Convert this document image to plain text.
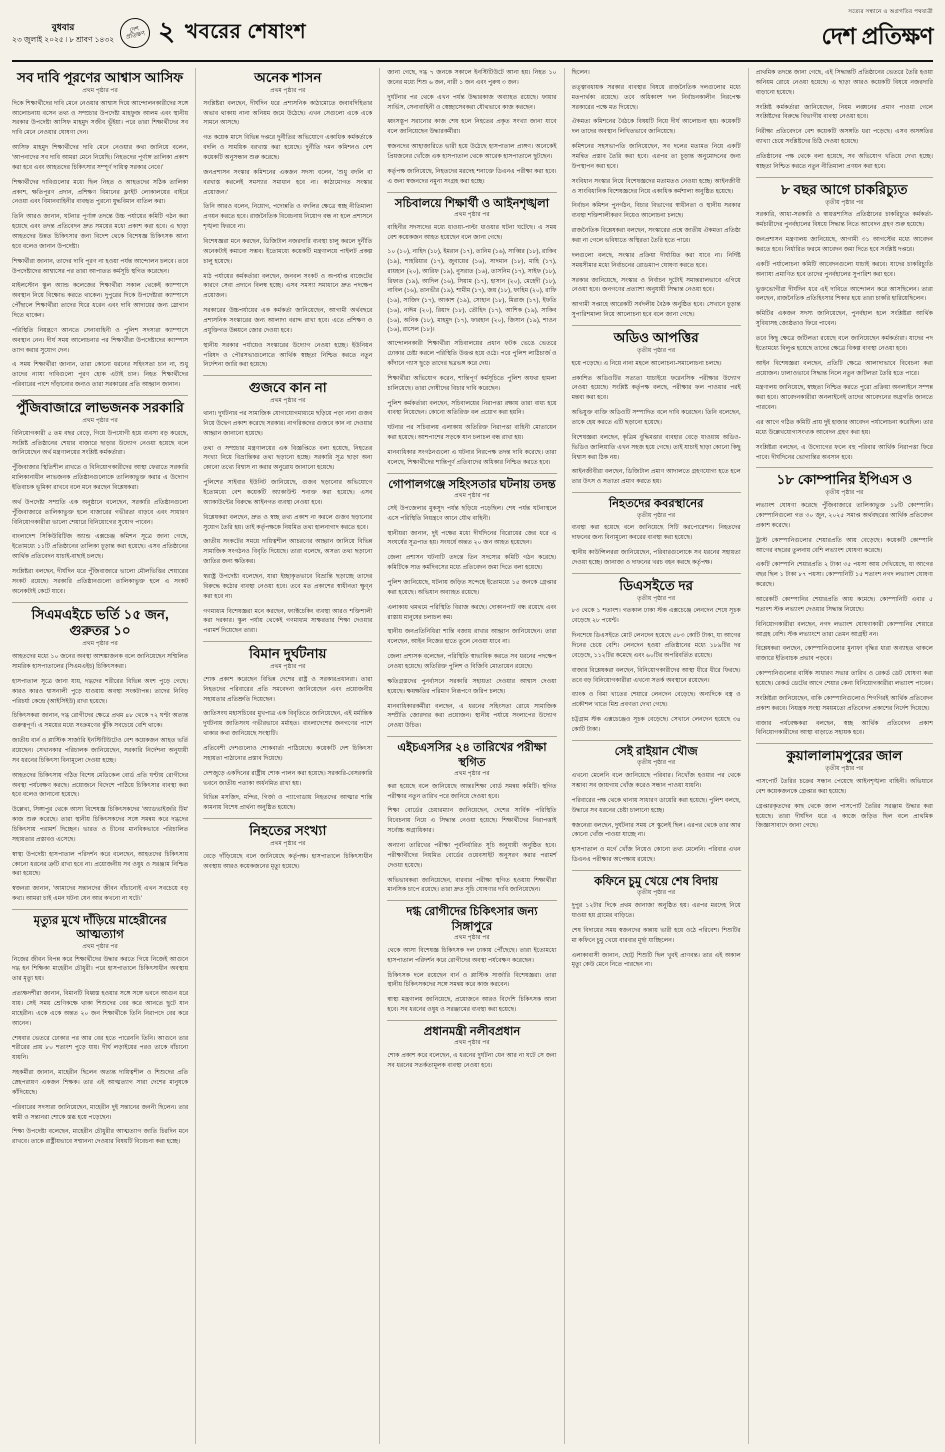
বুধবার
২৩ জুলাই ২০২৫ ৷ ৮ শ্রাবণ ১৪৩২
দেশ প্রতিক্ষণ ২ খবরের শেষাংশ
সত্যের সন্ধানে ও অগ্রগতির পথযাত্রী
দেশ প্রতিক্ষণ
সব দাবি পূরণের আশ্বাস আসিফ
প্রথম পৃষ্ঠার পর
দিকে শিক্ষার্থীদের দাবি মেনে নেওয়ার আশ্বাস দিয়ে আন্দোলনকারীদের সঙ্গে আলোচনায় বসেন তথ্য ও সম্প্রচার উপদেষ্টা মাহফুজ আলম এবং স্থানীয় সরকার উপদেষ্টা আসিফ মাহমুদ সজীব ভূঁইয়া। পরে তারা শিক্ষার্থীদের সব দাবি মেনে নেওয়ার ঘোষণা দেন।
আসিফ মাহমুদ শিক্ষার্থীদের দাবি মেনে নেওয়ার কথা জানিয়ে বলেন, 'আপনাদের সব দাবি আমরা মেনে নিয়েছি। নিহতদের পূর্ণাঙ্গ তালিকা প্রকাশ করা হবে এবং আহতদের চিকিৎসার সম্পূর্ণ দায়িত্ব সরকার নেবে।'
শিক্ষার্থীদের দাবিগুলোর মধ্যে ছিল নিহত ও আহতদের সঠিক তালিকা প্রকাশ, ক্ষতিপূরণ প্রদান, প্রশিক্ষণ বিমানের ফ্লাইট লোকালয়ের বাইরে নেওয়া এবং বিমানবাহিনীর ব্যবহৃত পুরনো যুদ্ধবিমান বাতিল করা।
তিনি আরও জানান, ঘটনার পূর্ণাঙ্গ তদন্তে উচ্চ পর্যায়ের কমিটি গঠন করা হয়েছে এবং তদন্ত প্রতিবেদন দ্রুত সময়ের মধ্যে প্রকাশ করা হবে। এ ছাড়া আহতদের উন্নত চিকিৎসার জন্য বিদেশ থেকে বিশেষজ্ঞ চিকিৎসক আনা হবে বলেও জানান উপদেষ্টা।
শিক্ষার্থীরা জানান, তাদের দাবি পূরণ না হওয়া পর্যন্ত আন্দোলন চলবে। তবে উপদেষ্টাদের আশ্বাসের পর তারা আপাতত কর্মসূচি স্থগিত করেছেন।
মাইলস্টোন স্কুল অ্যান্ড কলেজের শিক্ষার্থীরা সকাল থেকেই ক্যাম্পাসে অবস্থান নিয়ে বিক্ষোভ করতে থাকেন। দুপুরের দিকে উপদেষ্টারা ক্যাম্পাসে পৌঁছালে শিক্ষার্থীরা তাদের ঘিরে ধরেন এবং দাবি আদায়ের জন্য স্লোগান দিতে থাকেন।
পরিস্থিতি নিয়ন্ত্রণে আনতে সেনাবাহিনী ও পুলিশ সদস্যরা ক্যাম্পাসে অবস্থান নেন। দীর্ঘ সময় আলোচনার পর শিক্ষার্থীরা উপদেষ্টাদের ক্যাম্পাস ত্যাগ করার সুযোগ দেন।
এ সময় শিক্ষার্থীরা জানান, তারা কোনো ধরনের সহিংসতা চান না, শুধু তাদের ন্যায্য দাবিগুলো পূরণ হোক এটাই চান। নিহত শিক্ষার্থীদের পরিবারের পাশে দাঁড়ানোর জন্যও তারা সরকারের প্রতি আহ্বান জানান।
পুঁজিবাজারে লাভজনক সরকারি
প্রথম পৃষ্ঠার পর
বিনিয়োগকারী ৫ তম বছর বেড়ে, গিয়ে উপযোগী হয়ে ব্যবসা বড় করেছে, সংশ্লিষ্ট প্রতিষ্ঠানের শেয়ার বাজারে ছাড়ার উদ্যোগ নেওয়া হয়েছে বলে জানিয়েছেন অর্থ মন্ত্রণালয়ের সংশ্লিষ্ট কর্মকর্তারা।
পুঁজিবাজার স্থিতিশীল রাখতে ও বিনিয়োগকারীদের আস্থা ফেরাতে সরকারি মালিকানাধীন লাভজনক প্রতিষ্ঠানগুলোকে তালিকাভুক্ত করার এ উদ্যোগ ইতিবাচক ভূমিকা রাখবে বলে মনে করছেন বিশ্লেষকরা।
অর্থ উপদেষ্টা সম্প্রতি এক অনুষ্ঠানে বলেছেন, সরকারি প্রতিষ্ঠানগুলো পুঁজিবাজারে তালিকাভুক্ত হলে বাজারের গভীরতা বাড়বে এবং সাধারণ বিনিয়োগকারীরা ভালো শেয়ারে বিনিয়োগের সুযোগ পাবেন।
বাংলাদেশ সিকিউরিটিজ অ্যান্ড এক্সচেঞ্জ কমিশন সূত্রে জানা গেছে, ইতোমধ্যে ১১টি প্রতিষ্ঠানের তালিকা চূড়ান্ত করা হয়েছে। এসব প্রতিষ্ঠানের আর্থিক প্রতিবেদন যাচাই-বাছাই চলছে।
সংশ্লিষ্টরা বলছেন, দীর্ঘদিন ধরে পুঁজিবাজারে ভালো মৌলভিত্তির শেয়ারের সংকট রয়েছে। সরকারি প্রতিষ্ঠানগুলো তালিকাভুক্ত হলে এ সংকট অনেকটাই কেটে যাবে।
সিএমএইচে ভর্তি ১৫ জন, গুরুতর ১০
প্রথম পৃষ্ঠার পর
আহতদের মধ্যে ১০ জনের অবস্থা আশঙ্কাজনক বলে জানিয়েছেন সম্মিলিত সামরিক হাসপাতালের (সিএমএইচ) চিকিৎসকরা।
হাসপাতাল সূত্রে জানা যায়, দগ্ধদের শরীরের বিভিন্ন অংশ পুড়ে গেছে। কারও কারও শ্বাসনালী পুড়ে যাওয়ায় অবস্থা সংকটাপন্ন। তাদের নিবিড় পরিচর্যা কেন্দ্রে (আইসিইউ) রাখা হয়েছে।
চিকিৎসকরা জানান, দগ্ধ রোগীদের ক্ষেত্রে প্রথম ৪৮ থেকে ৭২ ঘণ্টা অত্যন্ত গুরুত্বপূর্ণ। এ সময়ের মধ্যে সংক্রমণের ঝুঁকি সবচেয়ে বেশি থাকে।
জাতীয় বার্ন ও প্লাস্টিক সার্জারি ইনস্টিটিউটেও বেশ কয়েকজন আহত ভর্তি রয়েছেন। সেখানকার পরিচালক জানিয়েছেন, সরকারি নির্দেশনা অনুযায়ী সব ধরনের চিকিৎসা বিনামূল্যে দেওয়া হচ্ছে।
আহতদের চিকিৎসায় গঠিত বিশেষ মেডিকেল বোর্ড প্রতি ঘণ্টায় রোগীদের অবস্থা পর্যবেক্ষণ করছে। প্রয়োজনে বিদেশে পাঠিয়ে চিকিৎসার ব্যবস্থা করা হবে বলেও জানানো হয়েছে।
উল্লেখ্য, সিঙ্গাপুর থেকে আসা বিশেষজ্ঞ চিকিৎসকদের 'অ্যাডভাইজরি টিম' কাজ শুরু করেছে। তারা স্থানীয় চিকিৎসকদের সঙ্গে সমন্বয় করে দগ্ধদের চিকিৎসায় পরামর্শ দিচ্ছেন। ভারত ও চীনের মানবিকভাবে পরিচালিত সহায়তার প্রস্তাবও এসেছে।
স্বাস্থ্য উপদেষ্টা হাসপাতাল পরিদর্শন করে বলেছেন, আহতদের চিকিৎসায় কোনো ধরনের ত্রুটি রাখা হবে না। প্রয়োজনীয় সব ওষুধ ও সরঞ্জাম নিশ্চিত করা হয়েছে।
স্বজনরা জানান, 'আমাদের সন্তানদের জীবন বাঁচানোই এখন সবচেয়ে বড় কথা। আমরা চাই এমন ঘটনা যেন আর কখনো না ঘটে।'
মৃত্যুর মুখে দাঁড়িয়ে মাহেরীনের আত্মত্যাগ
প্রথম পৃষ্ঠার পর
নিজের জীবন বিপন্ন করে শিক্ষার্থীদের উদ্ধার করতে গিয়ে নিজেই আগুনে দগ্ধ হন শিক্ষিকা মাহেরীন চৌধুরী। পরে হাসপাতালে চিকিৎসাধীন অবস্থায় তার মৃত্যু হয়।
প্রত্যক্ষদর্শীরা জানান, বিমানটি বিধ্বস্ত হওয়ার সঙ্গে সঙ্গে ভবনে আগুন ধরে যায়। সেই সময় শ্রেণিকক্ষে থাকা শিশুদের বের করে আনতে ছুটে যান মাহেরীন। একে একে অন্তত ২০ জন শিক্ষার্থীকে তিনি নিরাপদে বের করে আনেন।
শেষবার ভেতরে ঢোকার পর আর বের হতে পারেননি তিনি। আগুনে তার শরীরের প্রায় ৮০ শতাংশ পুড়ে যায়। দীর্ঘ লড়াইয়ের পরও তাকে বাঁচানো যায়নি।
সহকর্মীরা জানান, মাহেরীন ছিলেন অত্যন্ত দায়িত্বশীল ও শিশুদের প্রতি স্নেহপরায়ণ একজন শিক্ষক। তার এই আত্মত্যাগ সারা দেশের মানুষকে কাঁদিয়েছে।
পরিবারের সদস্যরা জানিয়েছেন, মাহেরীন দুই সন্তানের জননী ছিলেন। তার স্বামী ও সন্তানরা শোকে স্তব্ধ হয়ে পড়েছেন।
শিক্ষা উপদেষ্টা বলেছেন, মাহেরীন চৌধুরীর আত্মত্যাগ জাতি চিরদিন মনে রাখবে। তাকে রাষ্ট্রীয়ভাবে সম্মাননা দেওয়ার বিষয়টি বিবেচনা করা হচ্ছে।
অনেক শাসন
প্রথম পৃষ্ঠার পর
সংশ্লিষ্টরা বলছেন, দীর্ঘদিন ধরে প্রশাসনিক কাঠামোতে জবাবদিহিতার অভাব থাকায় নানা অনিয়ম জমে উঠেছে। এখন সেগুলো একে একে সামনে আসছে।
গত কয়েক মাসে বিভিন্ন দপ্তরে দুর্নীতির অভিযোগে একাধিক কর্মকর্তাকে বদলি ও সাময়িক বরখাস্ত করা হয়েছে। দুর্নীতি দমন কমিশনও বেশ কয়েকটি অনুসন্ধান শুরু করেছে।
জনপ্রশাসন সংস্কার কমিশনের একজন সদস্য বলেন, 'শুধু বদলি বা বরখাস্ত করলেই সমস্যার সমাধান হবে না। কাঠামোগত সংস্কার প্রয়োজন।'
তিনি আরও বলেন, নিয়োগ, পদোন্নতি ও বদলির ক্ষেত্রে স্বচ্ছ নীতিমালা প্রণয়ন করতে হবে। রাজনৈতিক বিবেচনায় নিয়োগ বন্ধ না হলে প্রশাসনে শৃঙ্খলা ফিরবে না।
বিশেষজ্ঞরা মনে করছেন, ডিজিটাল নজরদারি ব্যবস্থা চালু করলে দুর্নীতি অনেকটাই কমানো সম্ভব। ইতোমধ্যে কয়েকটি মন্ত্রণালয়ে পাইলট প্রকল্প চালু হয়েছে।
মাঠ পর্যায়ের কর্মকর্তারা বলছেন, জনবল সংকট ও অপর্যাপ্ত বাজেটের কারণে সেবা প্রদানে বিলম্ব হচ্ছে। এসব সমস্যা সমাধানে দ্রুত পদক্ষেপ প্রয়োজন।
সরকারের উচ্চপর্যায়ের এক কর্মকর্তা জানিয়েছেন, আগামী অর্থবছরে প্রশাসনিক সংস্কারের জন্য আলাদা বরাদ্দ রাখা হবে। এতে প্রশিক্ষণ ও প্রযুক্তিগত উন্নয়নে জোর দেওয়া হবে।
স্থানীয় সরকার পর্যায়েও সংস্কারের উদ্যোগ নেওয়া হচ্ছে। ইউনিয়ন পরিষদ ও পৌরসভাগুলোতে আর্থিক স্বচ্ছতা নিশ্চিত করতে নতুন নির্দেশনা জারি করা হয়েছে।
গুজবে কান না
প্রথম পৃষ্ঠার পর
থানা। দুর্ঘটনার পর সামাজিক যোগাযোগমাধ্যমে ছড়িয়ে পড়া নানা গুজব নিয়ে উদ্বেগ প্রকাশ করেছে সরকার। নাগরিকদের গুজবে কান না দেওয়ার আহ্বান জানানো হয়েছে।
তথ্য ও সম্প্রচার মন্ত্রণালয়ের এক বিজ্ঞপ্তিতে বলা হয়েছে, নিহতের সংখ্যা নিয়ে বিভ্রান্তিকর তথ্য ছড়ানো হচ্ছে। সরকারি সূত্র ছাড়া অন্য কোনো তথ্যে বিশ্বাস না করার অনুরোধ জানানো হয়েছে।
পুলিশের সাইবার ইউনিট জানিয়েছে, গুজব ছড়ানোর অভিযোগে ইতোমধ্যে বেশ কয়েকটি অ্যাকাউন্ট শনাক্ত করা হয়েছে। এসব অ্যাকাউন্টের বিরুদ্ধে আইনগত ব্যবস্থা নেওয়া হবে।
বিশ্লেষকরা বলছেন, দ্রুত ও স্বচ্ছ তথ্য প্রকাশ না করলে গুজব ছড়ানোর সুযোগ তৈরি হয়। তাই কর্তৃপক্ষকে নিয়মিত তথ্য হালনাগাদ করতে হবে।
জাতীয় সংকটের সময়ে দায়িত্বশীল আচরণের আহ্বান জানিয়ে বিভিন্ন সামাজিক সংগঠনও বিবৃতি দিয়েছে। তারা বলেছে, অসত্য তথ্য ছড়ানো জাতির জন্য ক্ষতিকর।
স্বরাষ্ট্র উপদেষ্টা বলেছেন, যারা ইচ্ছাকৃতভাবে বিভ্রান্তি ছড়াচ্ছে তাদের বিরুদ্ধে কঠোর ব্যবস্থা নেওয়া হবে। তবে মত প্রকাশের স্বাধীনতা ক্ষুণ্ন করা হবে না।
গণমাধ্যম বিশেষজ্ঞরা মনে করছেন, ফ্যাক্টচেকিং ব্যবস্থা আরও শক্তিশালী করা দরকার। স্কুল পর্যায় থেকেই গণমাধ্যম সাক্ষরতার শিক্ষা দেওয়ার পরামর্শ দিয়েছেন তারা।
বিমান দুর্ঘটনায়
প্রথম পৃষ্ঠার পর
শোক প্রকাশ করেছেন বিভিন্ন দেশের রাষ্ট্র ও সরকারপ্রধানরা। তারা নিহতদের পরিবারের প্রতি সমবেদনা জানিয়েছেন এবং প্রয়োজনীয় সহায়তার প্রতিশ্রুতি দিয়েছেন।
জাতিসংঘ মহাসচিবের মুখপাত্র এক বিবৃতিতে জানিয়েছেন, এই মর্মান্তিক দুর্ঘটনায় জাতিসংঘ গভীরভাবে মর্মাহত। বাংলাদেশের জনগণের পাশে থাকার কথা জানিয়েছে সংস্থাটি।
প্রতিবেশী দেশগুলোও শোকবার্তা পাঠিয়েছে। কয়েকটি দেশ চিকিৎসা সহায়তা পাঠানোর প্রস্তাব দিয়েছে।
দেশজুড়ে একদিনের রাষ্ট্রীয় শোক পালন করা হয়েছে। সরকারি-বেসরকারি ভবনে জাতীয় পতাকা অর্ধনমিত রাখা হয়।
বিভিন্ন মসজিদ, মন্দির, গির্জা ও প্যাগোডায় নিহতদের আত্মার শান্তি কামনায় বিশেষ প্রার্থনা অনুষ্ঠিত হয়েছে।
নিহতের সংখ্যা
প্রথম পৃষ্ঠার পর
বেড়ে দাঁড়িয়েছে বলে জানিয়েছে কর্তৃপক্ষ। হাসপাতালে চিকিৎসাধীন অবস্থায় আরও কয়েকজনের মৃত্যু হয়েছে।
জানা গেছে, দগ্ধ ৭ জনকে সকালে ইনস্টিটিউটে আনা হয়। নিহত ১০ জনের মধ্যে শিশু ৬ জন, নারী ১ জন এবং পুরুষ ৩ জন।
দুর্ঘটনার পর থেকে এখন পর্যন্ত উদ্ধারকাজ অব্যাহত রয়েছে। ফায়ার সার্ভিস, সেনাবাহিনী ও স্বেচ্ছাসেবকরা যৌথভাবে কাজ করছেন।
ধ্বংসস্তূপ সরানোর কাজ শেষ হলে নিহতের প্রকৃত সংখ্যা জানা যাবে বলে জানিয়েছেন উদ্ধারকর্মীরা।
স্বজনদের আহাজারিতে ভারী হয়ে উঠেছে হাসপাতাল প্রাঙ্গণ। অনেকেই প্রিয়জনের খোঁজে এক হাসপাতাল থেকে আরেক হাসপাতালে ছুটছেন।
কর্তৃপক্ষ জানিয়েছে, নিহতদের মরদেহ শনাক্তে ডিএনএ পরীক্ষা করা হবে। এ জন্য স্বজনদের নমুনা সংগ্রহ করা হচ্ছে।
সচিবালয়ে শিক্ষার্থী ও আইনশৃঙ্খলা
প্রথম পৃষ্ঠার পর
বাহিনীর সদস্যদের মধ্যে ধাওয়া-পাল্টা ধাওয়ার ঘটনা ঘটেছে। এ সময় বেশ কয়েকজন আহত হয়েছেন বলে জানা গেছে।
১০ (১০), নাহিদ (১৮), ইমরান (১৭), তানিম (১৬), সাব্বির (১৮), রাকিব (১৯), শাহরিয়ার (১৭), জুবায়ের (১৬), সাদমান (১৮), মাহি (১৭), রায়হান (২০), আরিফ (১৯), নুসরাত (১৬), তাসনিম (১৭), সাইফ (১৮), রিফাত (১৯), আদিল (১৬), সিয়াম (১৭), হাসান (২০), মেহেদী (১৮), নাবিল (১৬), তানভীর (১৯), শামীম (১৭), জয় (১৮), ফাহিম (২০), রাফি (১৬), সাজিদ (১৭), আকাশ (১৯), সোহান (১৮), মিরাজ (১৭), ইফতি (১৬), নাঈম (২০), রিয়াদ (১৮), তৌহিদ (১৭), আশিক (১৯), সাকিব (১৬), অনিক (১৮), মাহমুদ (১৭), ফারহান (২০), জিসান (১৯), শাওন (১৬), রাসেল (১৮)।
আন্দোলনকারী শিক্ষার্থীরা সচিবালয়ের প্রধান ফটক ভেঙে ভেতরে ঢোকার চেষ্টা করলে পরিস্থিতি উত্তপ্ত হয়ে ওঠে। পরে পুলিশ লাঠিচার্জ ও কাঁদানে গ্যাস ছুড়ে তাদের ছত্রভঙ্গ করে দেয়।
শিক্ষার্থীরা অভিযোগ করেন, শান্তিপূর্ণ কর্মসূচিতে পুলিশ অযথা হামলা চালিয়েছে। তারা দোষীদের বিচার দাবি করেছেন।
পুলিশ কর্মকর্তারা বলছেন, সচিবালয়ের নিরাপত্তা রক্ষায় তারা বাধ্য হয়ে ব্যবস্থা নিয়েছেন। কোনো অতিরিক্ত বল প্রয়োগ করা হয়নি।
ঘটনার পর সচিবালয় এলাকায় অতিরিক্ত নিরাপত্তা বাহিনী মোতায়েন করা হয়েছে। আশপাশের সড়কে যান চলাচল বন্ধ রাখা হয়।
মানবাধিকার সংগঠনগুলো এ ঘটনার নিরপেক্ষ তদন্ত দাবি করেছে। তারা বলেছে, শিক্ষার্থীদের শান্তিপূর্ণ প্রতিবাদের অধিকার নিশ্চিত করতে হবে।
গোপালগঞ্জে সহিংসতার ঘটনায় তদন্ত
প্রথম পৃষ্ঠার পর
সেই উপজেলার মুকসুদ পর্যন্ত ছড়িয়ে পড়েছিল। শেষ পর্যন্ত ঘটনাস্থলে এসে পরিস্থিতি নিয়ন্ত্রণে আনে যৌথ বাহিনী।
স্থানীয়রা জানান, দুই পক্ষের মধ্যে দীর্ঘদিনের বিরোধের জের ধরে এ সংঘর্ষের সূত্রপাত হয়। সংঘর্ষে অন্তত ২০ জন আহত হয়েছেন।
জেলা প্রশাসন ঘটনাটি তদন্তে তিন সদস্যের কমিটি গঠন করেছে। কমিটিকে সাত কর্মদিবসের মধ্যে প্রতিবেদন জমা দিতে বলা হয়েছে।
পুলিশ জানিয়েছে, ঘটনায় জড়িত সন্দেহে ইতোমধ্যে ১৫ জনকে গ্রেপ্তার করা হয়েছে। অভিযান অব্যাহত রয়েছে।
এলাকায় থমথমে পরিস্থিতি বিরাজ করছে। দোকানপাট বন্ধ রয়েছে এবং রাস্তায় মানুষের চলাচল কম।
স্থানীয় জনপ্রতিনিধিরা শান্তি বজায় রাখার আহ্বান জানিয়েছেন। তারা বলেছেন, আইন নিজের হাতে তুলে নেওয়া যাবে না।
জেলা প্রশাসক বলেছেন, পরিস্থিতি স্বাভাবিক করতে সব ধরনের পদক্ষেপ নেওয়া হয়েছে। অতিরিক্ত পুলিশ ও বিজিবি মোতায়েন রয়েছে।
ক্ষতিগ্রস্তদের পুনর্বাসনে সরকারি সহায়তা দেওয়ার আশ্বাস দেওয়া হয়েছে। ক্ষয়ক্ষতির পরিমাণ নিরূপণে জরিপ চলছে।
মানবাধিকারকর্মীরা বলছেন, এ ধরনের সহিংসতা রোধে সামাজিক সম্প্রীতি জোরদার করা প্রয়োজন। স্থানীয় পর্যায়ে সংলাপের উদ্যোগ নেওয়া উচিত।
এইচএসসির ২৪ তারিখের পরীক্ষা স্থগিত
প্রথম পৃষ্ঠার পর
করা হয়েছে বলে জানিয়েছে আন্তঃশিক্ষা বোর্ড সমন্বয় কমিটি। স্থগিত পরীক্ষার নতুন তারিখ পরে জানিয়ে দেওয়া হবে।
শিক্ষা বোর্ডের চেয়ারম্যান জানিয়েছেন, দেশের সার্বিক পরিস্থিতি বিবেচনায় নিয়ে এ সিদ্ধান্ত নেওয়া হয়েছে। শিক্ষার্থীদের নিরাপত্তাই সর্বোচ্চ অগ্রাধিকার।
অন্যান্য তারিখের পরীক্ষা পূর্বনির্ধারিত সূচি অনুযায়ী অনুষ্ঠিত হবে। পরীক্ষার্থীদের নিয়মিত বোর্ডের ওয়েবসাইট অনুসরণ করার পরামর্শ দেওয়া হয়েছে।
অভিভাবকরা জানিয়েছেন, বারবার পরীক্ষা স্থগিত হওয়ায় শিক্ষার্থীরা মানসিক চাপে রয়েছে। তারা দ্রুত সূচি ঘোষণার দাবি জানিয়েছেন।
দগ্ধ রোগীদের চিকিৎসার জন্য সিঙ্গাপুরে
প্রথম পৃষ্ঠার পর
থেকে আসা বিশেষজ্ঞ চিকিৎসক দল ঢাকায় পৌঁছেছে। তারা ইতোমধ্যে হাসপাতাল পরিদর্শন করে রোগীদের অবস্থা পর্যবেক্ষণ করেছেন।
চিকিৎসক দলে রয়েছেন বার্ন ও প্লাস্টিক সার্জারি বিশেষজ্ঞরা। তারা স্থানীয় চিকিৎসকদের সঙ্গে সমন্বয় করে কাজ করবেন।
স্বাস্থ্য মন্ত্রণালয় জানিয়েছে, প্রয়োজনে আরও বিদেশি চিকিৎসক আনা হবে। সব ধরনের ওষুধ ও সরঞ্জামের ব্যবস্থা করা হয়েছে।
প্রধানমন্ত্রী নলীবপ্রধান
প্রথম পৃষ্ঠার পর
শোক প্রকাশ করে বলেছেন, এ ধরনের দুর্ঘটনা যেন আর না ঘটে সে জন্য সব ধরনের সতর্কতামূলক ব্যবস্থা নেওয়া হবে।
ছিলেন।
তত্ত্বাবধায়ক সরকার ব্যবস্থার বিষয়ে রাজনৈতিক দলগুলোর মধ্যে মতপার্থক্য রয়েছে। তবে অধিকাংশ দল নির্বাচনকালীন নিরপেক্ষ সরকারের পক্ষে মত দিয়েছে।
ঐকমত্য কমিশনের বৈঠকে বিষয়টি নিয়ে দীর্ঘ আলোচনা হয়। কয়েকটি দল তাদের অবস্থান লিখিতভাবে জানিয়েছে।
কমিশনের সহসভাপতি জানিয়েছেন, সব দলের মতামত নিয়ে একটি সমন্বিত প্রস্তাব তৈরি করা হবে। এরপর তা চূড়ান্ত অনুমোদনের জন্য উপস্থাপন করা হবে।
সংবিধান সংস্কার নিয়ে বিশেষজ্ঞদের মতামতও নেওয়া হচ্ছে। আইনজীবী ও সাংবিধানিক বিশেষজ্ঞদের নিয়ে একাধিক কর্মশালা অনুষ্ঠিত হয়েছে।
নির্বাচন কমিশন পুনর্গঠন, বিচার বিভাগের স্বাধীনতা ও স্থানীয় সরকার ব্যবস্থা শক্তিশালীকরণ নিয়েও আলোচনা চলছে।
রাজনৈতিক বিশ্লেষকরা বলছেন, সংস্কারের প্রশ্নে জাতীয় ঐকমত্য প্রতিষ্ঠা করা না গেলে ভবিষ্যতে অস্থিরতা তৈরি হতে পারে।
দলগুলো বলছে, সংস্কার প্রক্রিয়া দীর্ঘায়িত করা যাবে না। নির্দিষ্ট সময়সীমার মধ্যে নির্বাচনের রোডম্যাপ ঘোষণা করতে হবে।
সরকার জানিয়েছে, সংস্কার ও নির্বাচন দুটোই সমান্তরালভাবে এগিয়ে নেওয়া হবে। জনগণের প্রত্যাশা অনুযায়ী সিদ্ধান্ত নেওয়া হবে।
আগামী সপ্তাহে আরেকটি সর্বদলীয় বৈঠক অনুষ্ঠিত হবে। সেখানে চূড়ান্ত সুপারিশমালা নিয়ে আলোচনা হবে বলে জানা গেছে।
অডিও আপত্তির
তৃতীয় পৃষ্ঠার পর
হয়ে পড়েছে। এ নিয়ে নানা মহলে আলোচনা-সমালোচনা চলছে।
প্রকাশিত অডিওটির সত্যতা যাচাইয়ে ফরেনসিক পরীক্ষার উদ্যোগ নেওয়া হয়েছে। সংশ্লিষ্ট কর্তৃপক্ষ বলছে, পরীক্ষার ফল পাওয়ার পরই মন্তব্য করা হবে।
অভিযুক্ত ব্যক্তি অডিওটি সম্পাদিত বলে দাবি করেছেন। তিনি বলেছেন, তাকে হেয় করতে এটি ছড়ানো হয়েছে।
বিশেষজ্ঞরা বলছেন, কৃত্রিম বুদ্ধিমত্তার ব্যবহার বেড়ে যাওয়ায় অডিও-ভিডিও জালিয়াতি এখন সহজ হয়ে গেছে। তাই যাচাই ছাড়া কোনো কিছু বিশ্বাস করা ঠিক নয়।
আইনজীবীরা বলছেন, ডিজিটাল প্রমাণ আদালতে গ্রহণযোগ্য হতে হলে তার উৎস ও সত্যতা প্রমাণ করতে হয়।
নিহতদের কবরস্থানের
তৃতীয় পৃষ্ঠার পর
ব্যবস্থা করা হয়েছে বলে জানিয়েছে সিটি করপোরেশন। নিহতদের দাফনের জন্য বিনামূল্যে কবরের ব্যবস্থা করা হয়েছে।
স্থানীয় কাউন্সিলররা জানিয়েছেন, পরিবারগুলোকে সব ধরনের সহায়তা দেওয়া হচ্ছে। জানাজা ও দাফনের খরচ বহন করছে কর্তৃপক্ষ।
ডিএসইতে দর
তৃতীয় পৃষ্ঠার পর
৮৩ থেকে ১ শতাংশ। গতকাল ঢাকা স্টক এক্সচেঞ্জে লেনদেন শেষে সূচক বেড়েছে ২৮ পয়েন্ট।
দিনশেষে ডিএসইতে মোট লেনদেন হয়েছে ৫৮৩ কোটি টাকা, যা আগের দিনের চেয়ে বেশি। লেনদেন হওয়া প্রতিষ্ঠানের মধ্যে ১৮৯টির দর বেড়েছে, ১১২টির কমেছে এবং ৬০টির অপরিবর্তিত রয়েছে।
বাজার বিশ্লেষকরা বলছেন, বিনিয়োগকারীদের আস্থা ধীরে ধীরে ফিরছে। তবে বড় বিনিয়োগকারীরা এখনো সতর্ক অবস্থানে রয়েছেন।
ব্যাংক ও বিমা খাতের শেয়ারে লেনদেন বেড়েছে। অন্যদিকে বস্ত্র ও প্রকৌশল খাতে মিশ্র প্রবণতা দেখা গেছে।
চট্টগ্রাম স্টক এক্সচেঞ্জেও সূচক বেড়েছে। সেখানে লেনদেন হয়েছে ৩৪ কোটি টাকা।
সেই রাইয়ান খৌজ
তৃতীয় পৃষ্ঠার পর
এখনো মেলেনি বলে জানিয়েছে পরিবার। নিখোঁজ হওয়ার পর থেকে সম্ভাব্য সব জায়গায় খোঁজ করেও সন্ধান পাওয়া যায়নি।
পরিবারের পক্ষ থেকে থানায় সাধারণ ডায়েরি করা হয়েছে। পুলিশ বলছে, উদ্ধারে সব ধরনের চেষ্টা চালানো হচ্ছে।
স্বজনেরা বলছেন, দুর্ঘটনার সময় সে স্কুলেই ছিল। এরপর থেকে তার আর কোনো খোঁজ পাওয়া যাচ্ছে না।
হাসপাতাল ও মর্গে খোঁজ নিয়েও কোনো তথ্য মেলেনি। পরিবার এখন ডিএনএ পরীক্ষার অপেক্ষায় রয়েছে।
কফিনে চুমু খেয়ে শেষ বিদায়
তৃতীয় পৃষ্ঠার পর
দুপুর ১২টার দিকে প্রথম জানাজা অনুষ্ঠিত হয়। এরপর মরদেহ নিয়ে যাওয়া হয় গ্রামের বাড়িতে।
শেষ বিদায়ের সময় স্বজনদের কান্নায় ভারী হয়ে ওঠে পরিবেশ। শিশুটির মা কফিনে চুমু খেয়ে বারবার মূর্ছা যাচ্ছিলেন।
এলাকাবাসী জানান, ছোট্ট শিশুটি ছিল খুবই প্রাণবন্ত। তার এই অকাল মৃত্যু কেউ মেনে নিতে পারছেন না।
প্রাথমিক তদন্তে জানা গেছে, এই সিদ্ধান্তটি প্রতিষ্ঠানের ভেতরে তৈরি হওয়া অনিয়ম রোধে নেওয়া হয়েছে। এ ছাড়া আরও কয়েকটি বিষয়ে নজরদারি বাড়ানো হয়েছে।
সংশ্লিষ্ট কর্মকর্তারা জানিয়েছেন, নিয়ম লঙ্ঘনের প্রমাণ পাওয়া গেলে সংশ্লিষ্টদের বিরুদ্ধে বিভাগীয় ব্যবস্থা নেওয়া হবে।
নিরীক্ষা প্রতিবেদনে বেশ কয়েকটি অসঙ্গতি ধরা পড়েছে। এসব অসঙ্গতির ব্যাখ্যা চেয়ে সংশ্লিষ্টদের চিঠি দেওয়া হয়েছে।
প্রতিষ্ঠানের পক্ষ থেকে বলা হয়েছে, সব অভিযোগ খতিয়ে দেখা হচ্ছে। স্বচ্ছতা নিশ্চিত করতে নতুন নীতিমালা প্রণয়ন করা হবে।
৮ বছর আগে চাকরিচ্যুত
তৃতীয় পৃষ্ঠার পর
সরকারি, আধা-সরকারি ও স্বায়ত্তশাসিত প্রতিষ্ঠানের চাকরিচ্যুত কর্মকর্তা-কর্মচারীদের পুনর্বহালের বিষয়ে সিদ্ধান্ত নিতে আবেদন গ্রহণ শুরু হয়েছে।
জনপ্রশাসন মন্ত্রণালয় জানিয়েছে, আগামী ৩১ আগস্টের মধ্যে আবেদন করতে হবে। নির্ধারিত ফরমে আবেদন জমা দিতে হবে সংশ্লিষ্ট দপ্তরে।
একটি পর্যালোচনা কমিটি আবেদনগুলো যাচাই করবে। যাদের চাকরিচ্যুতি অন্যায্য প্রমাণিত হবে তাদের পুনর্বহালের সুপারিশ করা হবে।
ভুক্তভোগীরা দীর্ঘদিন ধরে এই দাবিতে আন্দোলন করে আসছিলেন। তারা বলছেন, রাজনৈতিক প্রতিহিংসার শিকার হয়ে তারা চাকরি হারিয়েছিলেন।
কমিটির একজন সদস্য জানিয়েছেন, পুনর্বহাল হলে সংশ্লিষ্টরা আর্থিক সুবিধাসহ জ্যেষ্ঠতাও ফিরে পাবেন।
তবে কিছু ক্ষেত্রে জটিলতা রয়েছে বলে জানিয়েছেন কর্মকর্তারা। যাদের পদ ইতোমধ্যে বিলুপ্ত হয়েছে তাদের ক্ষেত্রে বিকল্প ব্যবস্থা নেওয়া হবে।
আইন বিশেষজ্ঞরা বলছেন, প্রতিটি ক্ষেত্রে আলাদাভাবে বিবেচনা করা প্রয়োজন। ঢালাওভাবে সিদ্ধান্ত নিলে নতুন জটিলতা তৈরি হতে পারে।
মন্ত্রণালয় জানিয়েছে, স্বচ্ছতা নিশ্চিত করতে পুরো প্রক্রিয়া অনলাইনে সম্পন্ন করা হবে। আবেদনকারীরা অনলাইনেই তাদের আবেদনের অগ্রগতি জানতে পারবেন।
এর আগে গঠিত কমিটি প্রায় দুই হাজার আবেদন পর্যালোচনা করেছিল। তার মধ্যে উল্লেখযোগ্যসংখ্যক আবেদন গ্রহণ করা হয়।
সংশ্লিষ্টরা বলছেন, এ উদ্যোগের ফলে বহু পরিবার আর্থিক নিরাপত্তা ফিরে পাবে। দীর্ঘদিনের ভোগান্তির অবসান হবে।
১৮ কোম্পানির ইপিএস ও
তৃতীয় পৃষ্ঠার পর
লভ্যাংশ ঘোষণা করেছে পুঁজিবাজারে তালিকাভুক্ত ১৮টি কোম্পানি। কোম্পানিগুলো গত ৩০ জুন, ২০২৫ সমাপ্ত অর্থবছরের আর্থিক প্রতিবেদন প্রকাশ করেছে।
ট্রাস্ট কোম্পানিগুলোর শেয়ারপ্রতি আয় বেড়েছে। কয়েকটি কোম্পানি আগের বছরের তুলনায় বেশি লভ্যাংশ ঘোষণা করেছে।
একটি কোম্পানি শেয়ারপ্রতি ২ টাকা ৩৫ পয়সা আয় দেখিয়েছে, যা আগের বছর ছিল ১ টাকা ৮৭ পয়সা। কোম্পানিটি ১৫ শতাংশ নগদ লভ্যাংশ ঘোষণা করেছে।
আরেকটি কোম্পানির শেয়ারপ্রতি আয় কমেছে। কোম্পানিটি এবার ৫ শতাংশ স্টক লভ্যাংশ দেওয়ার সিদ্ধান্ত নিয়েছে।
বিনিয়োগকারীরা বলছেন, নগদ লভ্যাংশ ঘোষণাকারী কোম্পানির শেয়ারে আগ্রহ বেশি। স্টক লভ্যাংশে তারা তেমন আগ্রহী নন।
বিশ্লেষকরা বলছেন, কোম্পানিগুলোর মুনাফা বৃদ্ধির ধারা অব্যাহত থাকলে বাজারে ইতিবাচক প্রভাব পড়বে।
কোম্পানিগুলোর বার্ষিক সাধারণ সভার তারিখ ও রেকর্ড ডেট ঘোষণা করা হয়েছে। রেকর্ড ডেটের আগে শেয়ার কেনা বিনিয়োগকারীরা লভ্যাংশ পাবেন।
সংশ্লিষ্টরা জানিয়েছেন, বাকি কোম্পানিগুলোও শিগগিরই আর্থিক প্রতিবেদন প্রকাশ করবে। নিয়ন্ত্রক সংস্থা সময়মতো প্রতিবেদন প্রকাশের নির্দেশ দিয়েছে।
বাজার পর্যবেক্ষকরা বলছেন, স্বচ্ছ আর্থিক প্রতিবেদন প্রকাশ বিনিয়োগকারীদের আস্থা বাড়াতে সহায়ক হবে।
কুয়ালালামপুরের জাল
তৃতীয় পৃষ্ঠার পর
পাসপোর্ট তৈরির চক্রের সন্ধান পেয়েছে আইনশৃঙ্খলা বাহিনী। অভিযানে বেশ কয়েকজনকে গ্রেপ্তার করা হয়েছে।
গ্রেপ্তারকৃতদের কাছ থেকে জাল পাসপোর্ট তৈরির সরঞ্জাম উদ্ধার করা হয়েছে। তারা দীর্ঘদিন ধরে এ কাজে জড়িত ছিল বলে প্রাথমিক জিজ্ঞাসাবাদে জানা গেছে।
